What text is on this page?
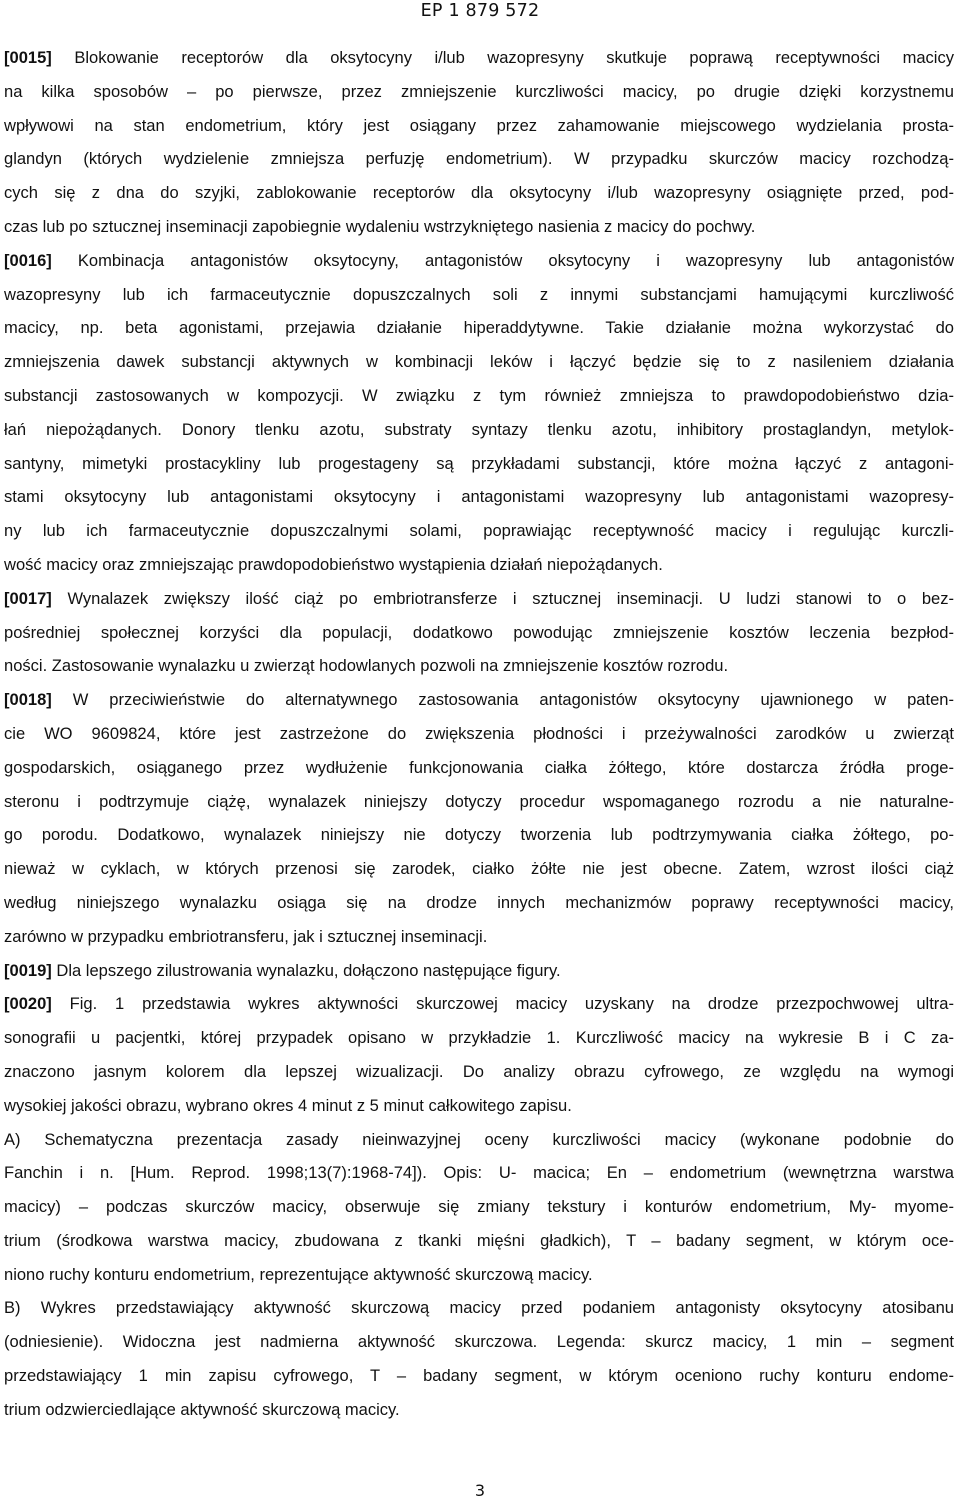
EP 1 879 572
[0015] Blokowanie receptorów dla oksytocyny i/lub wazopresyny skutkuje poprawą receptywności macicy
na kilka sposobów – po pierwsze, przez zmniejszenie kurczliwości macicy, po drugie dzięki korzystnemu
wpływowi na stan endometrium, który jest osiągany przez zahamowanie miejscowego wydzielania prosta-
glandyn (których wydzielenie zmniejsza perfuzję endometrium). W przypadku skurczów macicy rozchodzą-
cych się z dna do szyjki, zablokowanie receptorów dla oksytocyny i/lub wazopresyny osiągnięte przed, pod-
czas lub po sztucznej inseminacji zapobiegnie wydaleniu wstrzykniętego nasienia z macicy do pochwy.
[0016] Kombinacja antagonistów oksytocyny, antagonistów oksytocyny i wazopresyny lub antagonistów
wazopresyny lub ich farmaceutycznie dopuszczalnych soli z innymi substancjami hamującymi kurczliwość
macicy, np. beta agonistami, przejawia działanie hiperaddytywne. Takie działanie można wykorzystać do
zmniejszenia dawek substancji aktywnych w kombinacji leków i łączyć będzie się to z nasileniem działania
substancji zastosowanych w kompozycji. W związku z tym również zmniejsza to prawdopodobieństwo dzia-
łań niepożądanych. Donory tlenku azotu, substraty syntazy tlenku azotu, inhibitory prostaglandyn, metylok-
santyny, mimetyki prostacykliny lub progestageny są przykładami substancji, które można łączyć z antagoni-
stami oksytocyny lub antagonistami oksytocyny i antagonistami wazopresyny lub antagonistami wazopresy-
ny lub ich farmaceutycznie dopuszczalnymi solami, poprawiając receptywność macicy i regulując kurczli-
wość macicy oraz zmniejszając prawdopodobieństwo wystąpienia działań niepożądanych.
[0017] Wynalazek zwiększy ilość ciąż po embriotransferze i sztucznej inseminacji. U ludzi stanowi to o bez-
pośredniej społecznej korzyści dla populacji, dodatkowo powodując zmniejszenie kosztów leczenia bezpłod-
ności. Zastosowanie wynalazku u zwierząt hodowlanych pozwoli na zmniejszenie kosztów rozrodu.
[0018] W przeciwieństwie do alternatywnego zastosowania antagonistów oksytocyny ujawnionego w paten-
cie WO 9609824, które jest zastrzeżone do zwiększenia płodności i przeżywalności zarodków u zwierząt
gospodarskich, osiąganego przez wydłużenie funkcjonowania ciałka żółtego, które dostarcza źródła proge-
steronu i podtrzymuje ciążę, wynalazek niniejszy dotyczy procedur wspomaganego rozrodu a nie naturalne-
go porodu. Dodatkowo, wynalazek niniejszy nie dotyczy tworzenia lub podtrzymywania ciałka żółtego, po-
nieważ w cyklach, w których przenosi się zarodek, ciałko żółte nie jest obecne. Zatem, wzrost ilości ciąż
według niniejszego wynalazku osiąga się na drodze innych mechanizmów poprawy receptywności macicy,
zarówno w przypadku embriotransferu, jak i sztucznej inseminacji.
[0019] Dla lepszego zilustrowania wynalazku, dołączono następujące figury.
[0020] Fig. 1 przedstawia wykres aktywności skurczowej macicy uzyskany na drodze przezpochwowej ultra-
sonografii u pacjentki, której przypadek opisano w przykładzie 1. Kurczliwość macicy na wykresie B i C za-
znaczono jasnym kolorem dla lepszej wizualizacji. Do analizy obrazu cyfrowego, ze względu na wymogi
wysokiej jakości obrazu, wybrano okres 4 minut z 5 minut całkowitego zapisu.
A) Schematyczna prezentacja zasady nieinwazyjnej oceny kurczliwości macicy (wykonane podobnie do
Fanchin i n. [Hum. Reprod. 1998;13(7):1968-74]). Opis: U- macica; En – endometrium (wewnętrzna warstwa
macicy) – podczas skurczów macicy, obserwuje się zmiany tekstury i konturów endometrium, My- myome-
trium (środkowa warstwa macicy, zbudowana z tkanki mięśni gładkich), T – badany segment, w którym oce-
niono ruchy konturu endometrium, reprezentujące aktywność skurczową macicy.
B) Wykres przedstawiający aktywność skurczową macicy przed podaniem antagonisty oksytocyny atosibanu
(odniesienie). Widoczna jest nadmierna aktywność skurczowa. Legenda: skurcz macicy, 1 min – segment
przedstawiający 1 min zapisu cyfrowego, T – badany segment, w którym oceniono ruchy konturu endome-
trium odzwierciedlające aktywność skurczową macicy.
3
